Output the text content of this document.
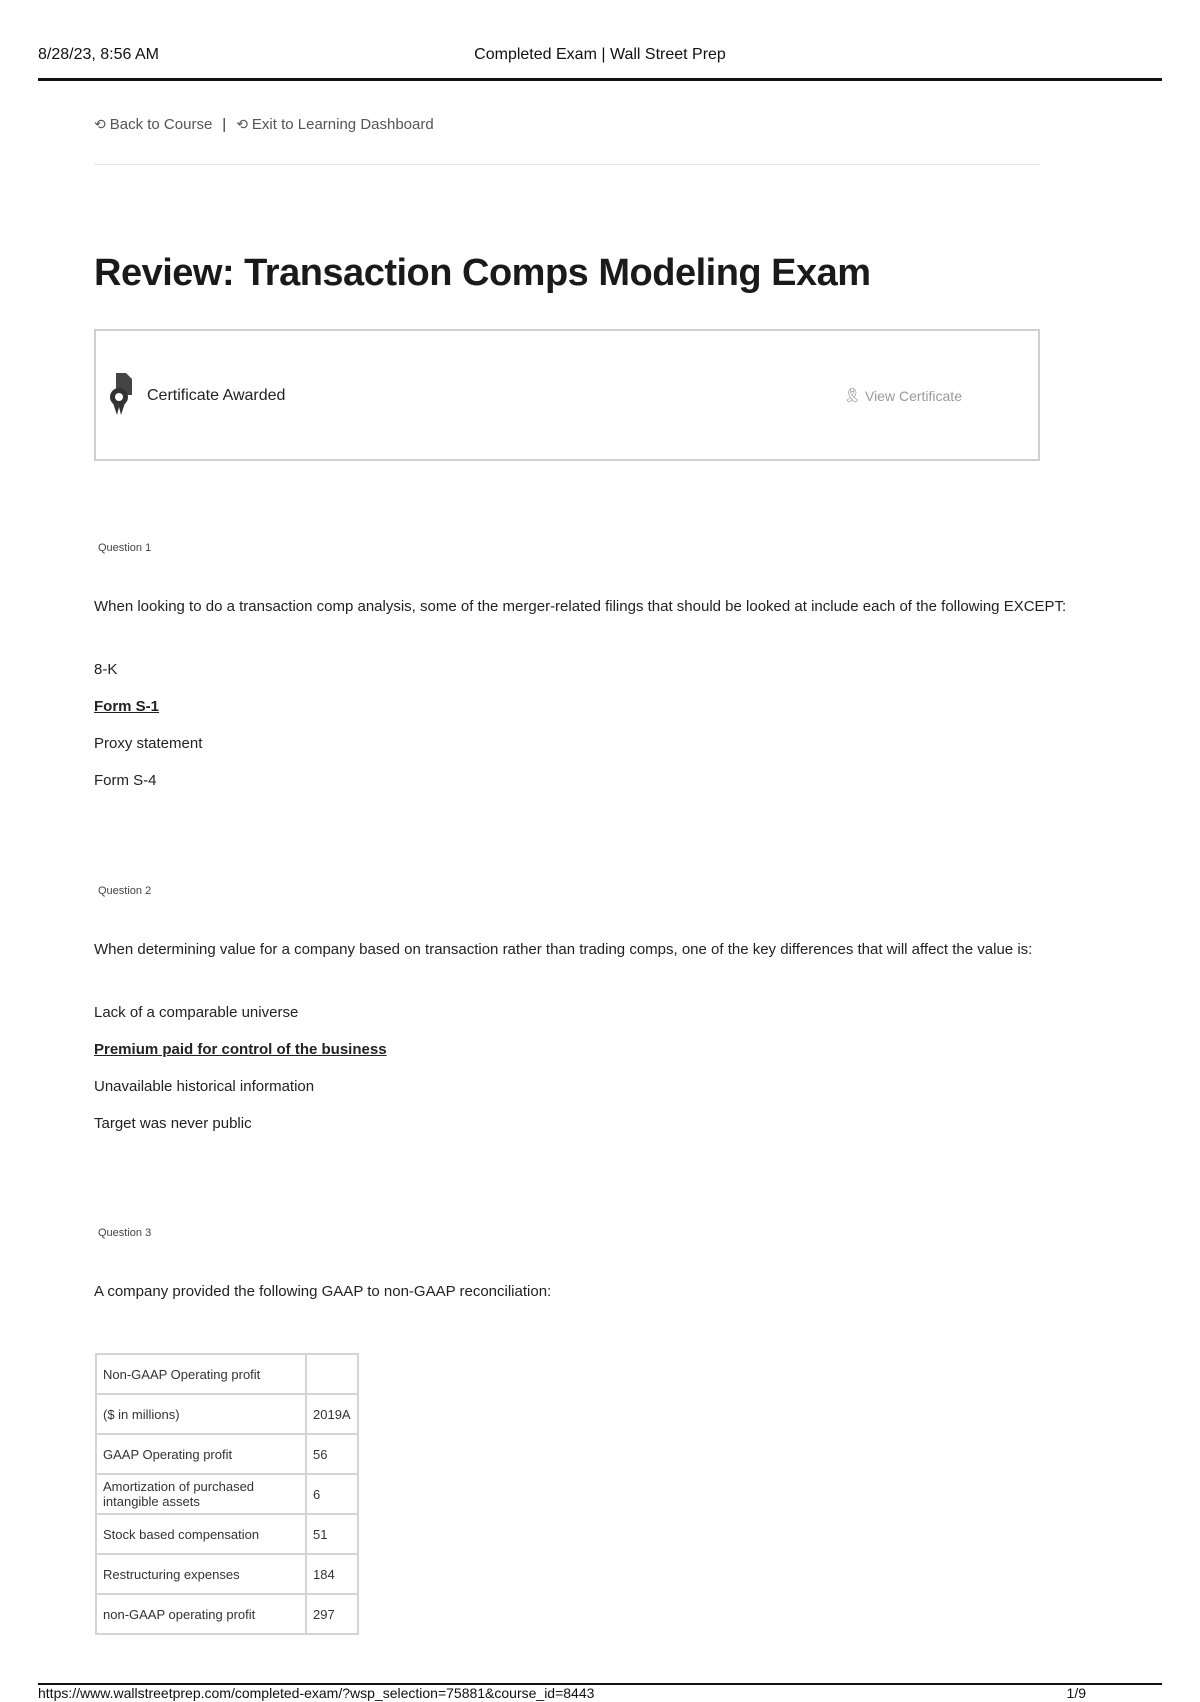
8/28/23, 8:56 AM	Completed Exam | Wall Street Prep
⟲ Back to Course | ⟲ Exit to Learning Dashboard
Review: Transaction Comps Modeling Exam
Certificate Awarded	🎗 View Certificate
Question 1
When looking to do a transaction comp analysis, some of the merger-related filings that should be looked at include each of the following EXCEPT:
8-K
Form S-1
Proxy statement
Form S-4
Question 2
When determining value for a company based on transaction rather than trading comps, one of the key differences that will affect the value is:
Lack of a comparable universe
Premium paid for control of the business
Unavailable historical information
Target was never public
Question 3
A company provided the following GAAP to non-GAAP reconciliation:
Non-GAAP Operating profit	
($ in millions)	2019A
GAAP Operating profit	56
Amortization of purchased intangible assets	6
Stock based compensation	51
Restructuring expenses	184
non-GAAP operating profit	297
https://www.wallstreetprep.com/completed-exam/?wsp_selection=75881&course_id=8443	1/9
